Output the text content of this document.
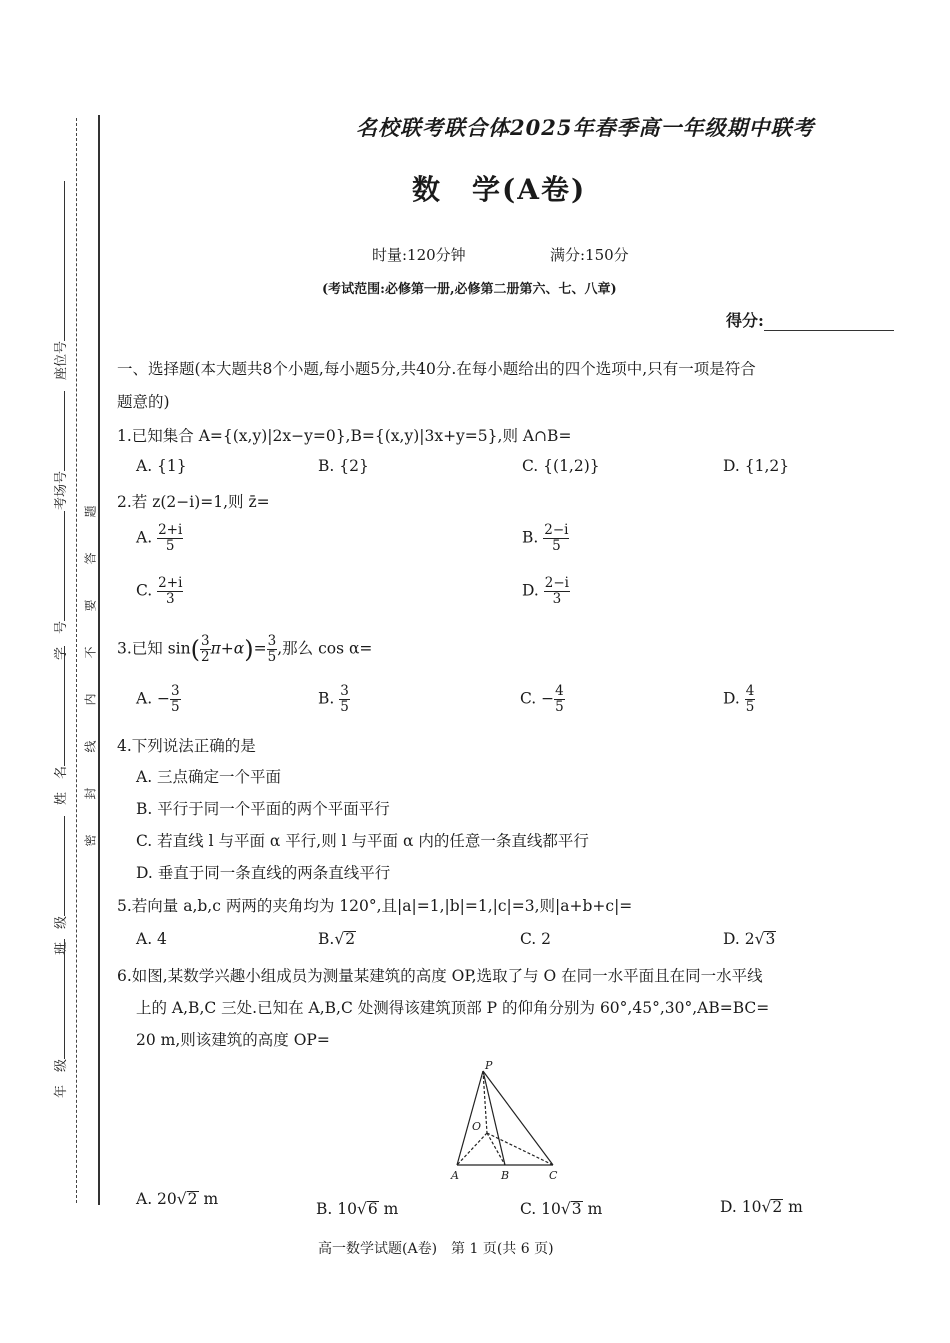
座位号
考场号
学　号
姓　名
班　级
年　级
题
答
要
不
内
线
封
密
名校联考联合体2025年春季高一年级期中联考
数　学(A卷)
时量:120分钟	满分:150分
(考试范围:必修第一册,必修第二册第六、七、八章)
得分:
一、选择题(本大题共8个小题,每小题5分,共40分.在每小题给出的四个选项中,只有一项是符合
题意的)
1.已知集合 A={(x,y)|2x−y=0},B={(x,y)|3x+y=5},则 A∩B=
A. {1}	B. {2}	C. {(1,2)}	D. {1,2}
2.若 z(2−i)=1,则 z̄=
A. $\frac{2+i}{5}$	B. $\frac{2-i}{5}$
C. $\frac{2+i}{3}$	D. $\frac{2-i}{3}$
3.已知 $\sin( \frac{3}{2} \pi+\alpha)= \frac{3}{5}$ ,那么 cos α=
A. − $\frac{3}{5}$	B. $\frac{3}{5}$	C. − $\frac{4}{5}$	D. $\frac{4}{5}$
4.下列说法正确的是
A. 三点确定一个平面
B. 平行于同一个平面的两个平面平行
C. 若直线 l 与平面 α 平行,则 l 与平面 α 内的任意一条直线都平行
D. 垂直于同一条直线的两条直线平行
5.若向量 a,b,c 两两的夹角均为 120°,且|a|=1,|b|=1,|c|=3,则|a+b+c|=
A. 4	B.√2	C. 2	D. 2√3
6.如图,某数学兴趣小组成员为测量某建筑的高度 OP,选取了与 O 在同一水平面且在同一水平线
上的 A,B,C 三处.已知在 A,B,C 处测得该建筑顶部 P 的仰角分别为 60°,45°,30°,AB=BC=
20 m,则该建筑的高度 OP=
P
O
A	B	C
A. 20√2 m
B. 10√6 m	C. 10√3 m	D. 10√2 m
高一数学试题(A卷)　第 1 页(共 6 页)
